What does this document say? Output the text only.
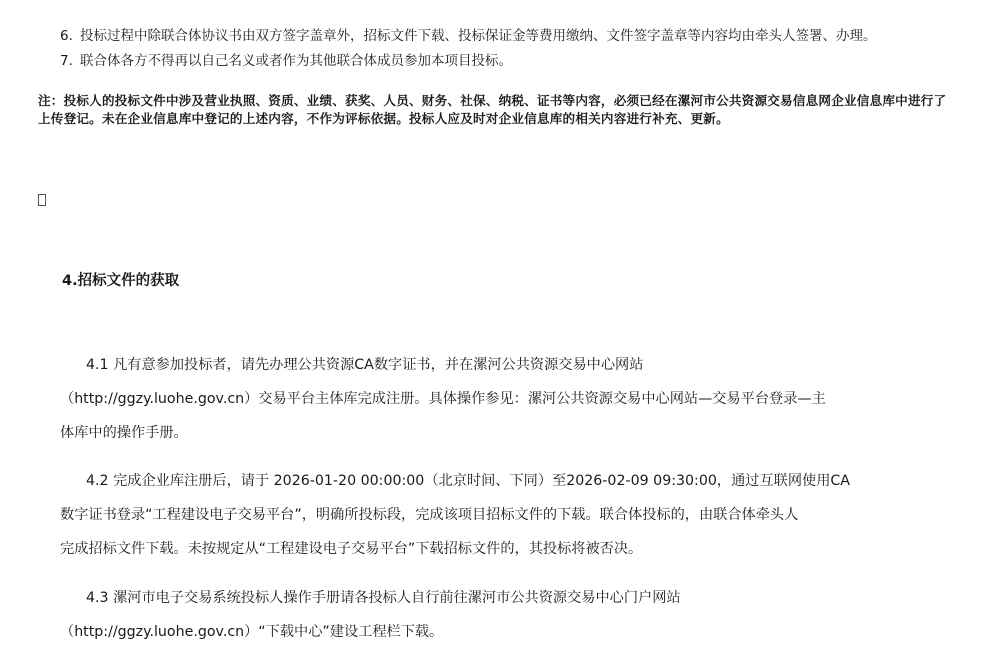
6. 投标过程中除联合体协议书由双方签字盖章外，招标文件下载、投标保证金等费用缴纳、文件签字盖章等内容均由牵头人签署、办理。
7. 联合体各方不得再以自己名义或者作为其他联合体成员参加本项目投标。
注：投标人的投标文件中涉及营业执照、资质、业绩、获奖、人员、财务、社保、纳税、证书等内容，必须已经在漯河市公共资源交易信息网企业信息库中进行了上传登记。未在企业信息库中登记的上述内容，不作为评标依据。投标人应及时对企业信息库的相关内容进行补充、更新。
4.招标文件的获取
4.1 凡有意参加投标者，请先办理公共资源CA数字证书，并在漯河公共资源交易中心网站
（http://ggzy.luohe.gov.cn）交易平台主体库完成注册。具体操作参见：漯河公共资源交易中心网站—交易平台登录—主
体库中的操作手册。
4.2 完成企业库注册后，请于 2026-01-20 00:00:00（北京时间、下同）至2026-02-09 09:30:00，通过互联网使用CA
数字证书登录“工程建设电子交易平台”，明确所投标段，完成该项目招标文件的下载。联合体投标的，由联合体牵头人
完成招标文件下载。未按规定从“工程建设电子交易平台”下载招标文件的，其投标将被否决。
4.3 漯河市电子交易系统投标人操作手册请各投标人自行前往漯河市公共资源交易中心门户网站
（http://ggzy.luohe.gov.cn）“下载中心”建设工程栏下载。
